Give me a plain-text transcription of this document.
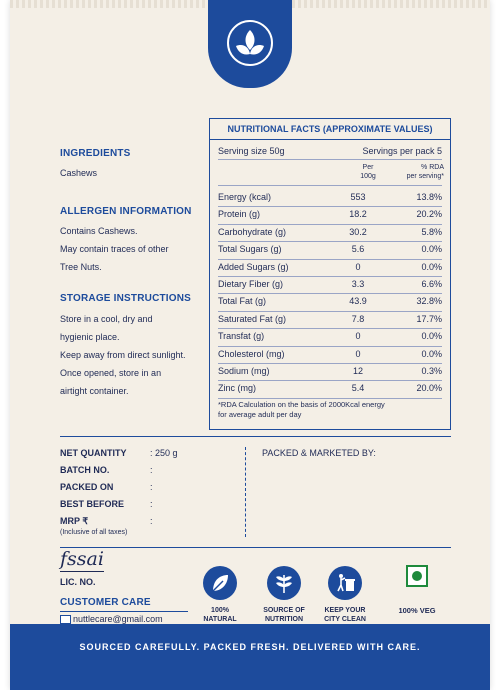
INGREDIENTS
Cashews
ALLERGEN INFORMATION
Contains Cashews.
May contain traces of other
Tree Nuts.
STORAGE INSTRUCTIONS
Store in a cool, dry and
hygienic place.
Keep away from direct sunlight.
Once opened, store in an
airtight container.
NUTRITIONAL FACTS (APPROXIMATE VALUES)
Serving size 50g	Servings per pack 5
Per
100g
% RDA
per serving*
Energy (kcal)	553	13.8%
Protein (g)	18.2	20.2%
Carbohydrate (g)	30.2	5.8%
Total Sugars (g)	5.6	0.0%
Added Sugars (g)	0	0.0%
Dietary Fiber (g)	3.3	6.6%
Total Fat (g)	43.9	32.8%
Saturated Fat (g)	7.8	17.7%
Transfat (g)	0	0.0%
Cholesterol (mg)	0	0.0%
Sodium (mg)	12	0.3%
Zinc (mg)	5.4	20.0%
*RDA Calculation on the basis of 2000Kcal energy
for average adult per day
NET QUANTITY	: 250 g
BATCH NO.	:
PACKED ON	:
BEST BEFORE	:
MRP ₹	:
(Inclusive of all taxes)
PACKED & MARKETED BY:
fssai
LIC. NO.
CUSTOMER CARE
nuttlecare@gmail.com
100%
NATURAL
SOURCE OF
NUTRITION
KEEP YOUR
CITY CLEAN
100% VEG
SOURCED CAREFULLY. PACKED FRESH. DELIVERED WITH CARE.
